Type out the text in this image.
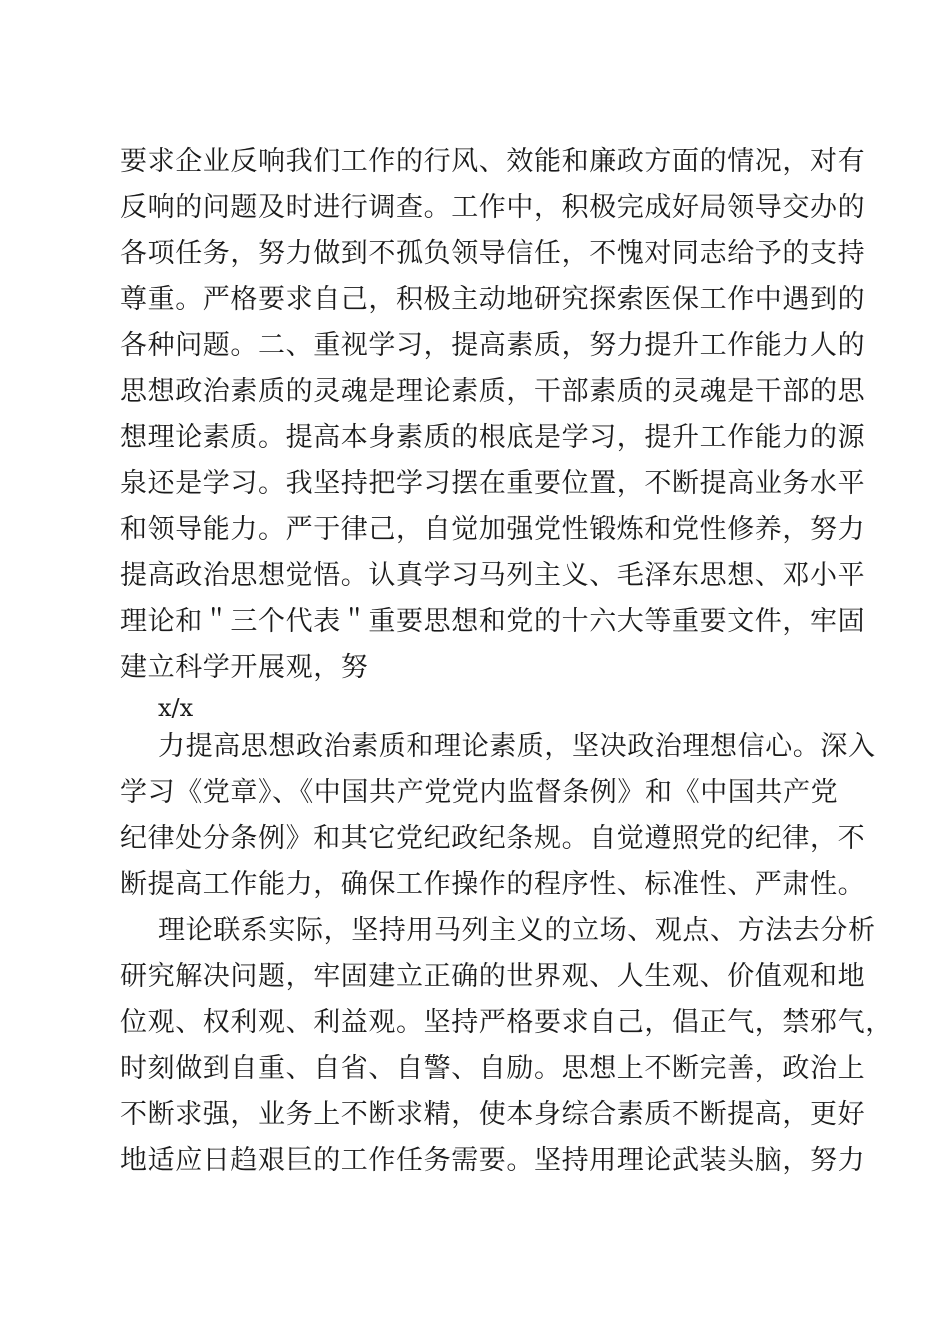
要求企业反响我们工作的行风、效能和廉政方面的情况，对有

反响的问题及时进行调查。工作中，积极完成好局领导交办的

各项任务，努力做到不孤负领导信任，不愧对同志给予的支持

尊重。严格要求自己，积极主动地研究探索医保工作中遇到的

各种问题。二、重视学习，提高素质，努力提升工作能力人的

思想政治素质的灵魂是理论素质，干部素质的灵魂是干部的思

想理论素质。提高本身素质的根底是学习，提升工作能力的源

泉还是学习。我坚持把学习摆在重要位置，不断提高业务水平

和领导能力。严于律己，自觉加强党性锻炼和党性修养，努力

提高政治思想觉悟。认真学习马列主义、毛泽东思想、邓小平

理论和＂三个代表＂重要思想和党的十六大等重要文件，牢固

建立科学开展观，努

x/x

力提高思想政治素质和理论素质，坚决政治理想信心。深入

学习《党章》、《中国共产党党内监督条例》和《中国共产党

纪律处分条例》和其它党纪政纪条规。自觉遵照党的纪律，不

断提高工作能力，确保工作操作的程序性、标准性、严肃性。

理论联系实际，坚持用马列主义的立场、观点、方法去分析

研究解决问题，牢固建立正确的世界观、人生观、价值观和地

位观、权利观、利益观。坚持严格要求自己，倡正气，禁邪气，

时刻做到自重、自省、自警、自励。思想上不断完善，政治上

不断求强，业务上不断求精，使本身综合素质不断提高，更好

地适应日趋艰巨的工作任务需要。坚持用理论武装头脑，努力
